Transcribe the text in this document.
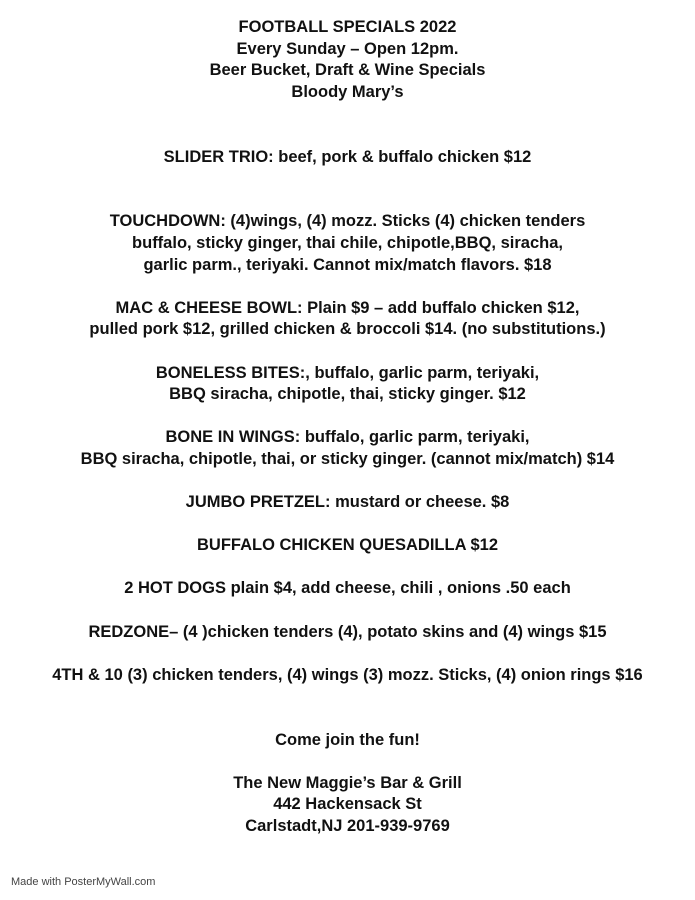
FOOTBALL SPECIALS 2022
Every Sunday – Open 12pm.
Beer Bucket, Draft & Wine Specials
Bloody Mary’s
SLIDER TRIO: beef, pork & buffalo chicken $12
TOUCHDOWN: (4)wings, (4) mozz. Sticks (4) chicken tenders
buffalo, sticky ginger, thai chile, chipotle,BBQ, siracha,
garlic parm., teriyaki. Cannot mix/match flavors. $18
MAC & CHEESE BOWL: Plain $9 – add buffalo chicken $12,
pulled pork $12, grilled chicken & broccoli $14. (no substitutions.)
BONELESS BITES:, buffalo, garlic parm, teriyaki,
BBQ siracha, chipotle, thai, sticky ginger. $12
BONE IN WINGS: buffalo, garlic parm, teriyaki,
BBQ siracha, chipotle, thai, or sticky ginger. (cannot mix/match) $14
JUMBO PRETZEL: mustard or cheese. $8
BUFFALO CHICKEN QUESADILLA $12
2 HOT DOGS plain $4, add cheese, chili , onions .50 each
REDZONE– (4 )chicken tenders (4), potato skins and (4) wings $15
4TH & 10 (3) chicken tenders, (4) wings (3) mozz. Sticks, (4) onion rings $16
Come join the fun!
The New Maggie’s Bar & Grill
442 Hackensack St
Carlstadt,NJ 201-939-9769
Made with PosterMyWall.com
